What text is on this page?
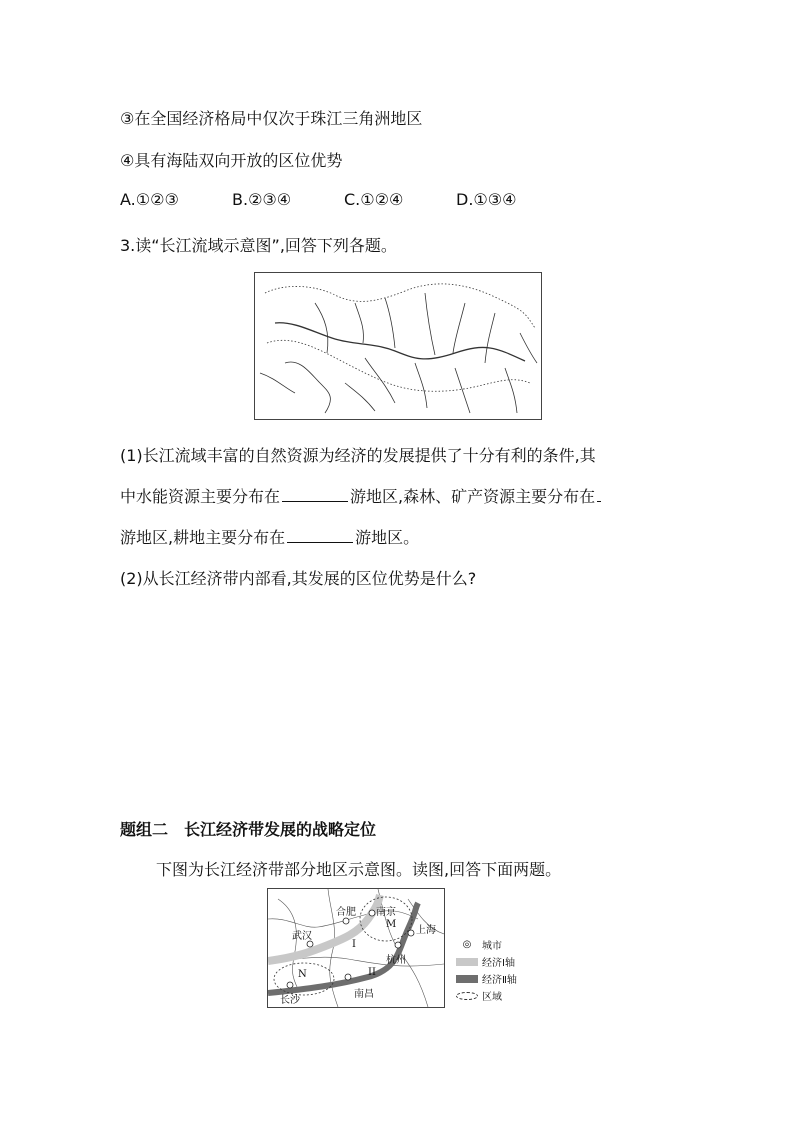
③在全国经济格局中仅次于珠江三角洲地区
④具有海陆双向开放的区位优势
A.①②③	B.②③④	C.①②④	D.①③④
3.读“长江流域示意图”,回答下列各题。
(1)长江流域丰富的自然资源为经济的发展提供了十分有利的条件,其
中水能资源主要分布在	游地区,森林、矿产资源主要分布在
游地区,耕地主要分布在	游地区。
(2)从长江经济带内部看,其发展的区位优势是什么?
题组二　长江经济带发展的战略定位
下图为长江经济带部分地区示意图。读图,回答下面两题。
合肥 南京
上海
武汉
杭州
南昌
长沙
M
N
I
II
◎	城市
经济Ⅰ轴
经济Ⅱ轴
区域
